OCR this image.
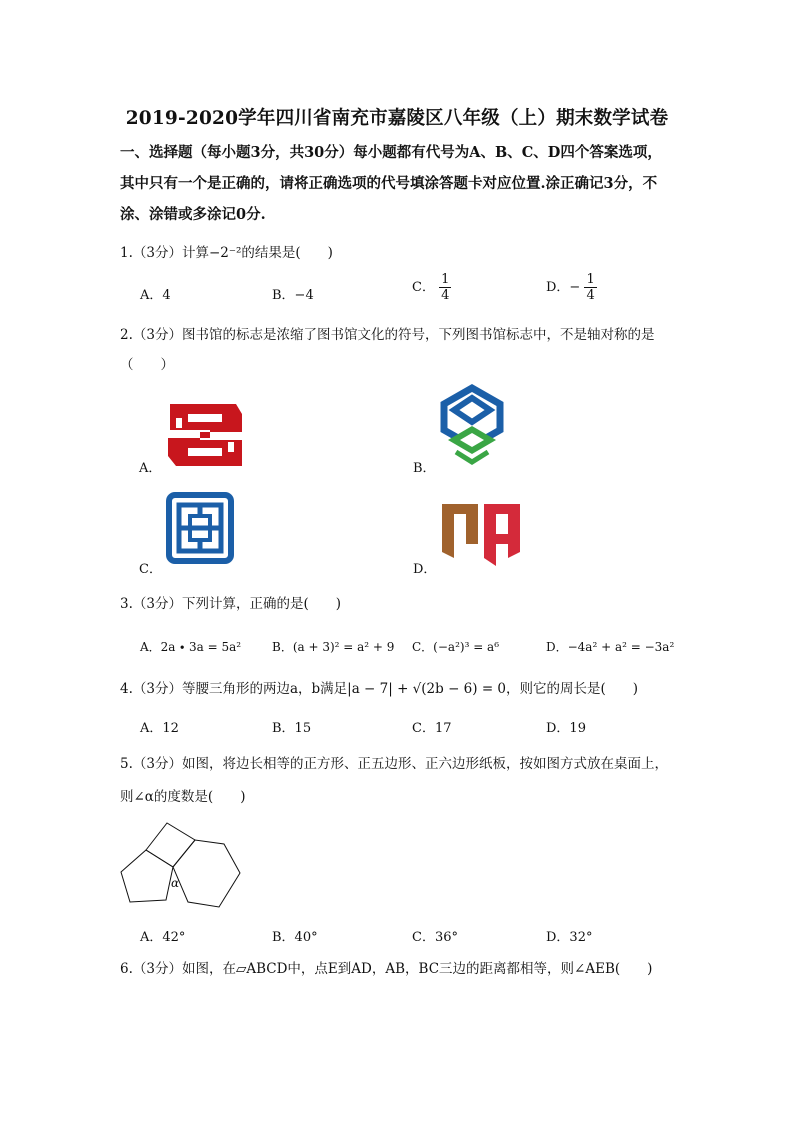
2019-2020学年四川省南充市嘉陵区八年级（上）期末数学试卷
一、选择题（每小题3分，共30分）每小题都有代号为A、B、C、D四个答案选项，其中只有一个是正确的，请将正确选项的代号填涂答题卡对应位置.涂正确记3分，不涂、涂错或多涂记0分.
1.（3分）计算−2⁻²的结果是(　　)
A．4	B．−4
C． $\frac{1}{4}$	D．− $\frac{1}{4}$
2.（3分）图书馆的标志是浓缩了图书馆文化的符号，下列图书馆标志中，不是轴对称的是（　　）
A．	B．
C．	D．
3.（3分）下列计算，正确的是(　　)
A．2a ∙ 3a = 5a²	B．(a + 3)² = a² + 9 C．(−a²)³ = a⁶	D．−4a² + a² = −3a²
4.（3分）等腰三角形的两边a，b满足|a − 7| + √(2b − 6) = 0，则它的周长是(　　)
A．12	B．15	C．17	D．19
5.（3分）如图，将边长相等的正方形、正五边形、正六边形纸板，按如图方式放在桌面上，则∠α的度数是(　　)
α
A．42°	B．40°	C．36°	D．32°
6.（3分）如图，在▱ABCD中，点E到AD，AB，BC三边的距离都相等，则∠AEB(　　)
